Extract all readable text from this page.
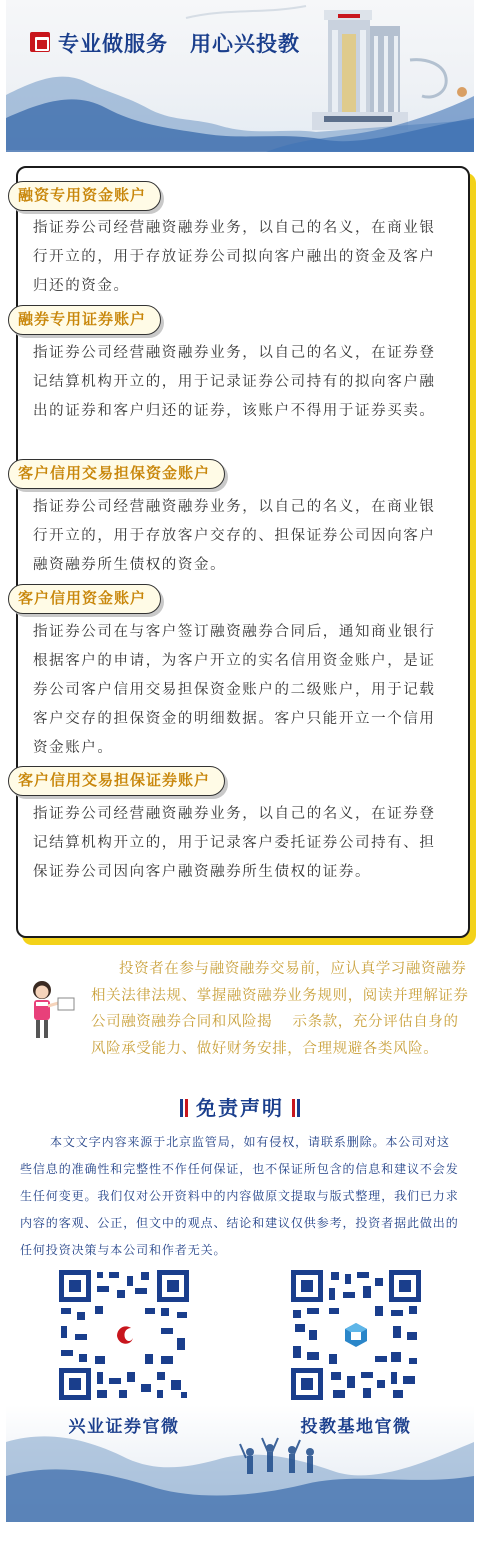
专业做服务　用心兴投教
融资专用资金账户
指证券公司经营融资融券业务，以自己的名义，在商业银行开立的，用于存放证券公司拟向客户融出的资金及客户归还的资金。
融券专用证券账户
指证券公司经营融资融券业务，以自己的名义，在证券登记结算机构开立的，用于记录证券公司持有的拟向客户融出的证券和客户归还的证券，该账户不得用于证券买卖。
客户信用交易担保资金账户
指证券公司经营融资融券业务，以自己的名义，在商业银行开立的，用于存放客户交存的、担保证券公司因向客户融资融券所生债权的资金。
客户信用资金账户
指证券公司在与客户签订融资融券合同后，通知商业银行根据客户的申请，为客户开立的实名信用资金账户，是证券公司客户信用交易担保资金账户的二级账户，用于记载客户交存的担保资金的明细数据。客户只能开立一个信用资金账户。
客户信用交易担保证券账户
指证券公司经营融资融券业务，以自己的名义，在证券登记结算机构开立的，用于记录客户委托证券公司持有、担保证券公司因向客户融资融券所生债权的证券。
投资者在参与融资融券交易前，应认真学习融资融券相关法律法规、掌握融资融券业务规则，阅读并理解证券公司融资融券合同和风险揭　 示条款，充分评估自身的风险承受能力、做好财务安排，合理规避各类风险。
免责声明
本文文字内容来源于北京监管局，如有侵权，请联系删除。本公司对这些信息的准确性和完整性不作任何保证，也不保证所包含的信息和建议不会发生任何变更。我们仅对公开资料中的内容做原文提取与版式整理，我们已力求内容的客观、公正，但文中的观点、结论和建议仅供参考，投资者据此做出的任何投资决策与本公司和作者无关。
兴业证券官微	投教基地官微
